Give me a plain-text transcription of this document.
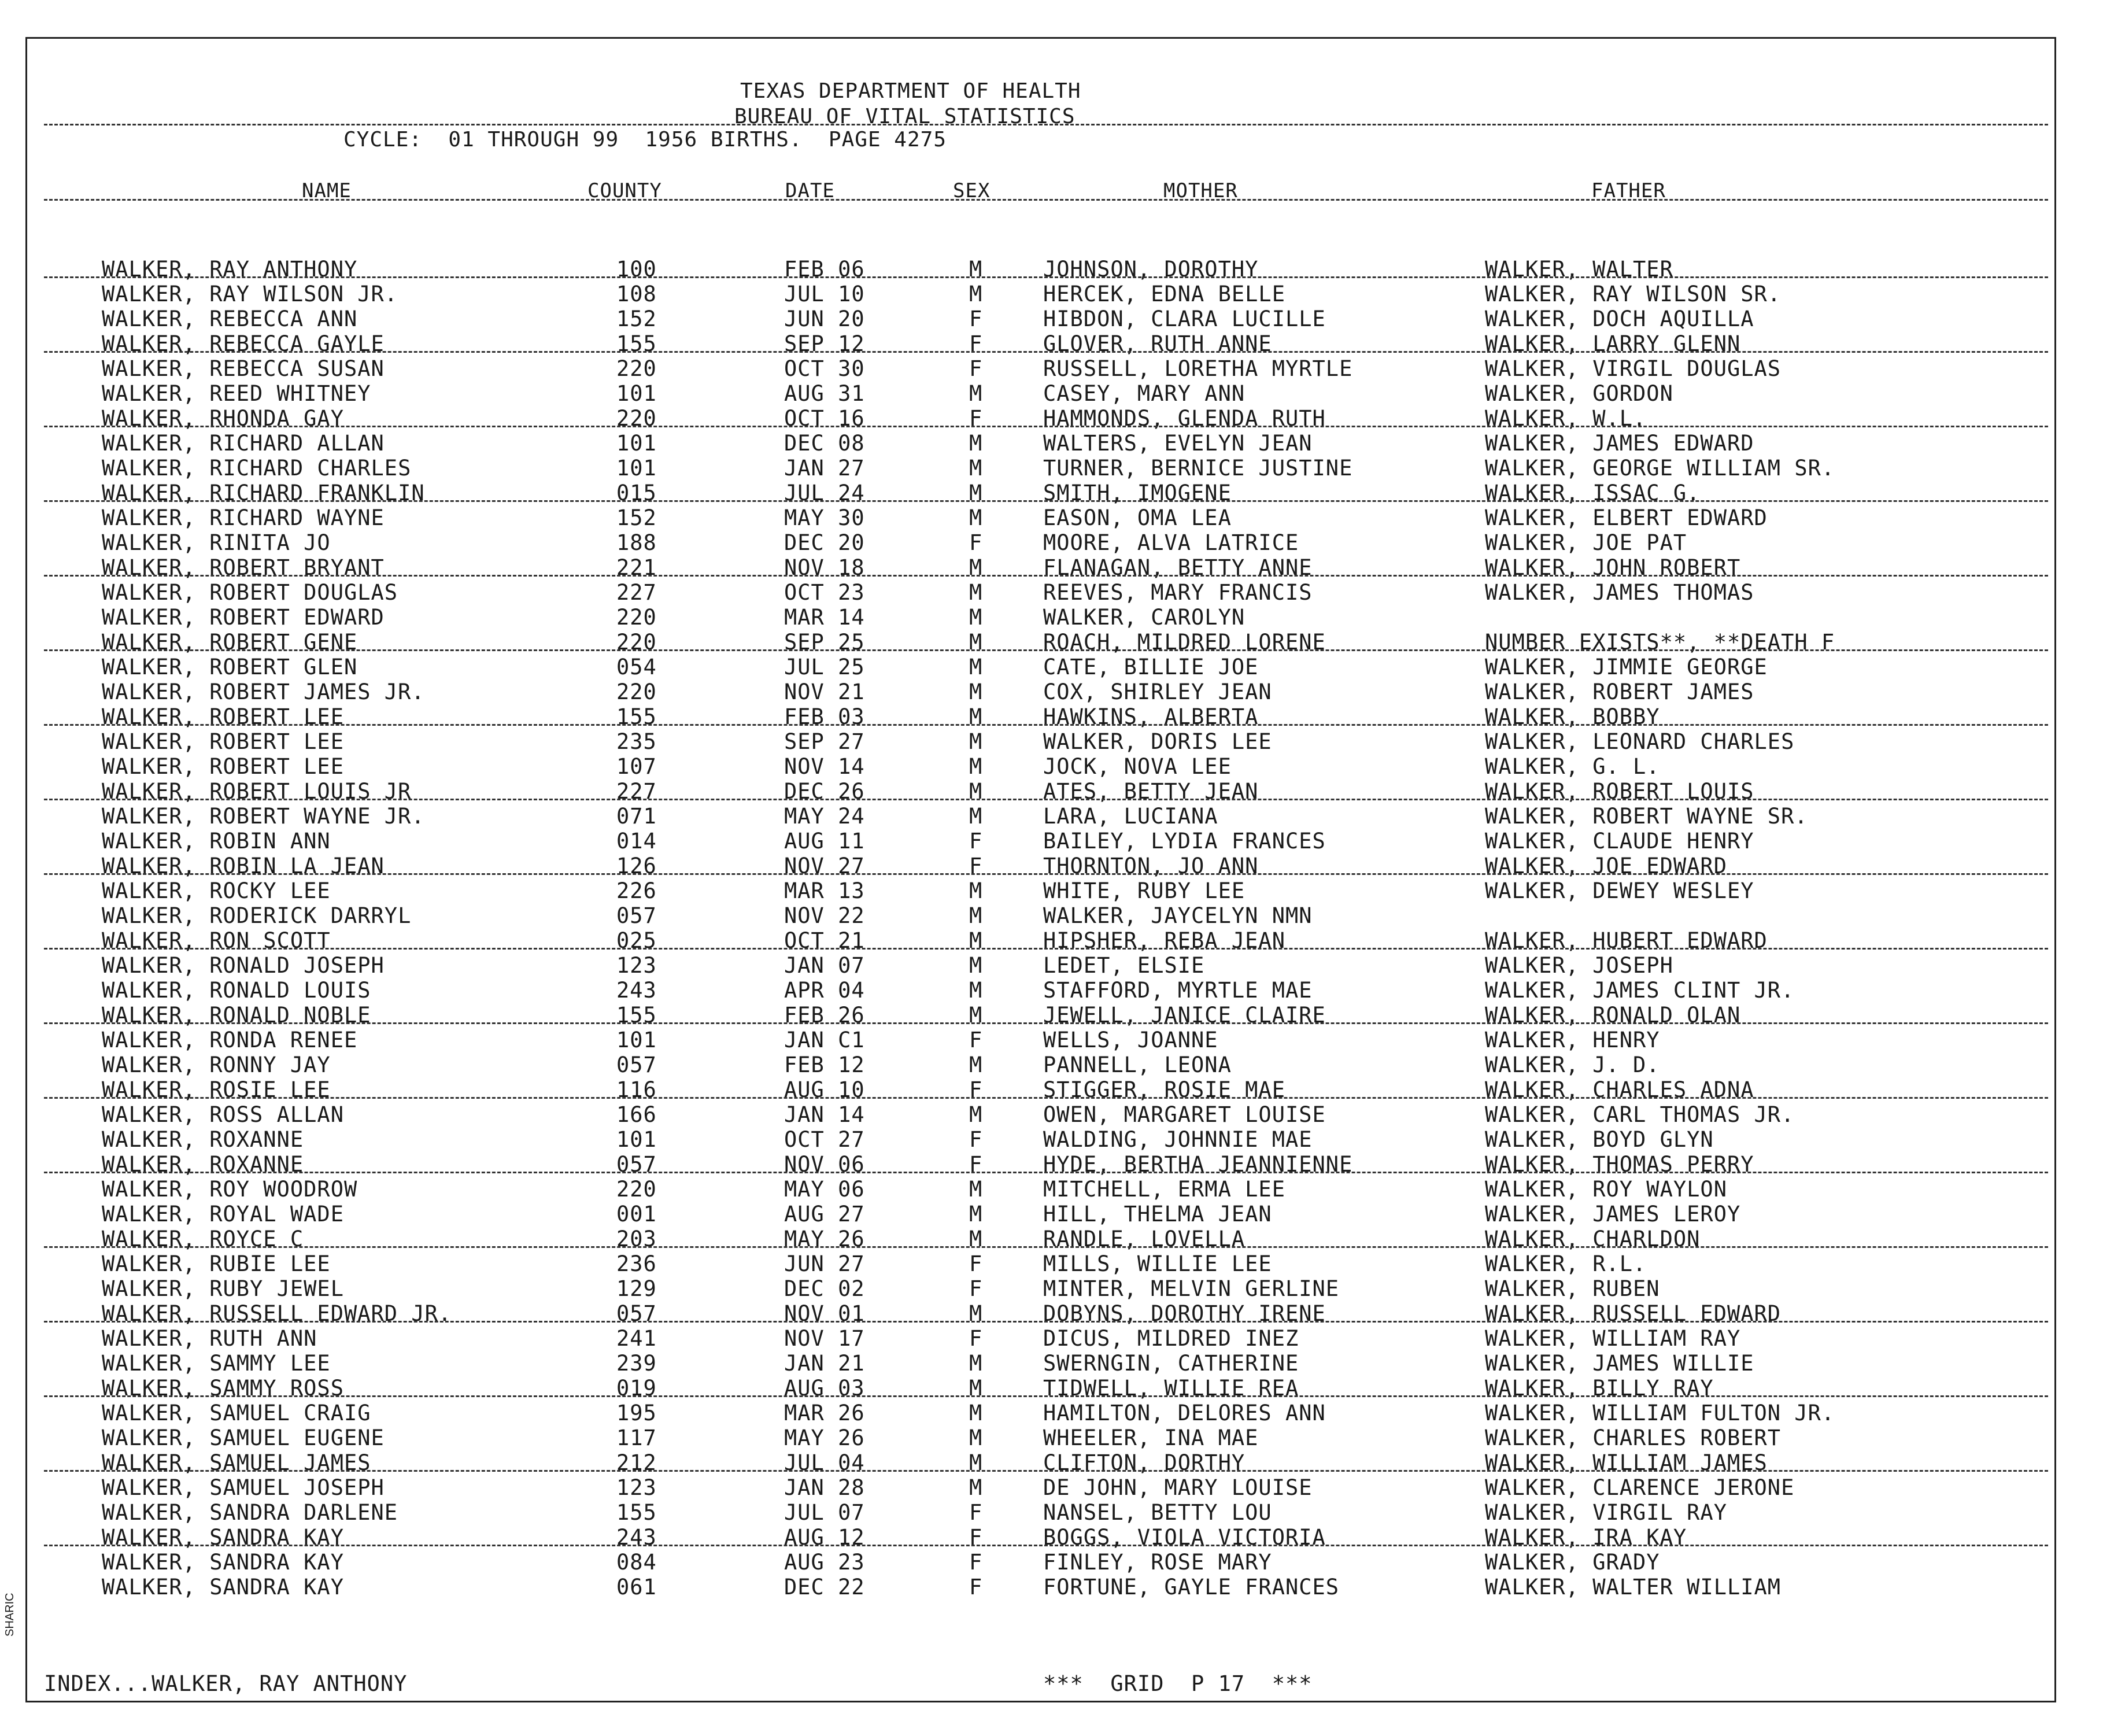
TEXAS DEPARTMENT OF HEALTH
BUREAU OF VITAL STATISTICS
CYCLE:  01 THROUGH 99  1956 BIRTHS.  PAGE 4275
NAME	COUNTY	DATE	SEX	MOTHER	FATHER
WALKER, RAY ANTHONY	100	FEB 06	M	JOHNSON, DOROTHY	WALKER, WALTER
WALKER, RAY WILSON JR.	108	JUL 10	M	HERCEK, EDNA BELLE	WALKER, RAY WILSON SR.
WALKER, REBECCA ANN	152	JUN 20	F	HIBDON, CLARA LUCILLE	WALKER, DOCH AQUILLA
WALKER, REBECCA GAYLE	155	SEP 12	F	GLOVER, RUTH ANNE	WALKER, LARRY GLENN
WALKER, REBECCA SUSAN	220	OCT 30	F	RUSSELL, LORETHA MYRTLE	WALKER, VIRGIL DOUGLAS
WALKER, REED WHITNEY	101	AUG 31	M	CASEY, MARY ANN	WALKER, GORDON
WALKER, RHONDA GAY	220	OCT 16	F	HAMMONDS, GLENDA RUTH	WALKER, W.L.
WALKER, RICHARD ALLAN	101	DEC 08	M	WALTERS, EVELYN JEAN	WALKER, JAMES EDWARD
WALKER, RICHARD CHARLES	101	JAN 27	M	TURNER, BERNICE JUSTINE	WALKER, GEORGE WILLIAM SR.
WALKER, RICHARD FRANKLIN	015	JUL 24	M	SMITH, IMOGENE	WALKER, ISSAC G.
WALKER, RICHARD WAYNE	152	MAY 30	M	EASON, OMA LEA	WALKER, ELBERT EDWARD
WALKER, RINITA JO	188	DEC 20	F	MOORE, ALVA LATRICE	WALKER, JOE PAT
WALKER, ROBERT BRYANT	221	NOV 18	M	FLANAGAN, BETTY ANNE	WALKER, JOHN ROBERT
WALKER, ROBERT DOUGLAS	227	OCT 23	M	REEVES, MARY FRANCIS	WALKER, JAMES THOMAS
WALKER, ROBERT EDWARD	220	MAR 14	M	WALKER, CAROLYN
WALKER, ROBERT GENE	220	SEP 25	M	ROACH, MILDRED LORENE	NUMBER EXISTS**, **DEATH F
WALKER, ROBERT GLEN	054	JUL 25	M	CATE, BILLIE JOE	WALKER, JIMMIE GEORGE
WALKER, ROBERT JAMES JR.	220	NOV 21	M	COX, SHIRLEY JEAN	WALKER, ROBERT JAMES
WALKER, ROBERT LEE	155	FEB 03	M	HAWKINS, ALBERTA	WALKER, BOBBY
WALKER, ROBERT LEE	235	SEP 27	M	WALKER, DORIS LEE	WALKER, LEONARD CHARLES
WALKER, ROBERT LEE	107	NOV 14	M	JOCK, NOVA LEE	WALKER, G. L.
WALKER, ROBERT LOUIS JR	227	DEC 26	M	ATES, BETTY JEAN	WALKER, ROBERT LOUIS
WALKER, ROBERT WAYNE JR.	071	MAY 24	M	LARA, LUCIANA	WALKER, ROBERT WAYNE SR.
WALKER, ROBIN ANN	014	AUG 11	F	BAILEY, LYDIA FRANCES	WALKER, CLAUDE HENRY
WALKER, ROBIN LA JEAN	126	NOV 27	F	THORNTON, JO ANN	WALKER, JOE EDWARD
WALKER, ROCKY LEE	226	MAR 13	M	WHITE, RUBY LEE	WALKER, DEWEY WESLEY
WALKER, RODERICK DARRYL	057	NOV 22	M	WALKER, JAYCELYN NMN
WALKER, RON SCOTT	025	OCT 21	M	HIPSHER, REBA JEAN	WALKER, HUBERT EDWARD
WALKER, RONALD JOSEPH	123	JAN 07	M	LEDET, ELSIE	WALKER, JOSEPH
WALKER, RONALD LOUIS	243	APR 04	M	STAFFORD, MYRTLE MAE	WALKER, JAMES CLINT JR.
WALKER, RONALD NOBLE	155	FEB 26	M	JEWELL, JANICE CLAIRE	WALKER, RONALD OLAN
WALKER, RONDA RENEE	101	JAN C1	F	WELLS, JOANNE	WALKER, HENRY
WALKER, RONNY JAY	057	FEB 12	M	PANNELL, LEONA	WALKER, J. D.
WALKER, ROSIE LEE	116	AUG 10	F	STIGGER, ROSIE MAE	WALKER, CHARLES ADNA
WALKER, ROSS ALLAN	166	JAN 14	M	OWEN, MARGARET LOUISE	WALKER, CARL THOMAS JR.
WALKER, ROXANNE	101	OCT 27	F	WALDING, JOHNNIE MAE	WALKER, BOYD GLYN
WALKER, ROXANNE	057	NOV 06	F	HYDE, BERTHA JEANNIENNE	WALKER, THOMAS PERRY
WALKER, ROY WOODROW	220	MAY 06	M	MITCHELL, ERMA LEE	WALKER, ROY WAYLON
WALKER, ROYAL WADE	001	AUG 27	M	HILL, THELMA JEAN	WALKER, JAMES LEROY
WALKER, ROYCE C	203	MAY 26	M	RANDLE, LOVELLA	WALKER, CHARLDON
WALKER, RUBIE LEE	236	JUN 27	F	MILLS, WILLIE LEE	WALKER, R.L.
WALKER, RUBY JEWEL	129	DEC 02	F	MINTER, MELVIN GERLINE	WALKER, RUBEN
WALKER, RUSSELL EDWARD JR.	057	NOV 01	M	DOBYNS, DOROTHY IRENE	WALKER, RUSSELL EDWARD
WALKER, RUTH ANN	241	NOV 17	F	DICUS, MILDRED INEZ	WALKER, WILLIAM RAY
WALKER, SAMMY LEE	239	JAN 21	M	SWERNGIN, CATHERINE	WALKER, JAMES WILLIE
WALKER, SAMMY ROSS	019	AUG 03	M	TIDWELL, WILLIE REA	WALKER, BILLY RAY
WALKER, SAMUEL CRAIG	195	MAR 26	M	HAMILTON, DELORES ANN	WALKER, WILLIAM FULTON JR.
WALKER, SAMUEL EUGENE	117	MAY 26	M	WHEELER, INA MAE	WALKER, CHARLES ROBERT
WALKER, SAMUEL JAMES	212	JUL 04	M	CLIFTON, DORTHY	WALKER, WILLIAM JAMES
WALKER, SAMUEL JOSEPH	123	JAN 28	M	DE JOHN, MARY LOUISE	WALKER, CLARENCE JERONE
WALKER, SANDRA DARLENE	155	JUL 07	F	NANSEL, BETTY LOU	WALKER, VIRGIL RAY
WALKER, SANDRA KAY	243	AUG 12	F	BOGGS, VIOLA VICTORIA	WALKER, IRA KAY
WALKER, SANDRA KAY	084	AUG 23	F	FINLEY, ROSE MARY	WALKER, GRADY
WALKER, SANDRA KAY	061	DEC 22	F	FORTUNE, GAYLE FRANCES	WALKER, WALTER WILLIAM
INDEX...WALKER, RAY ANTHONY	***  GRID  P 17  ***
SHARIC
